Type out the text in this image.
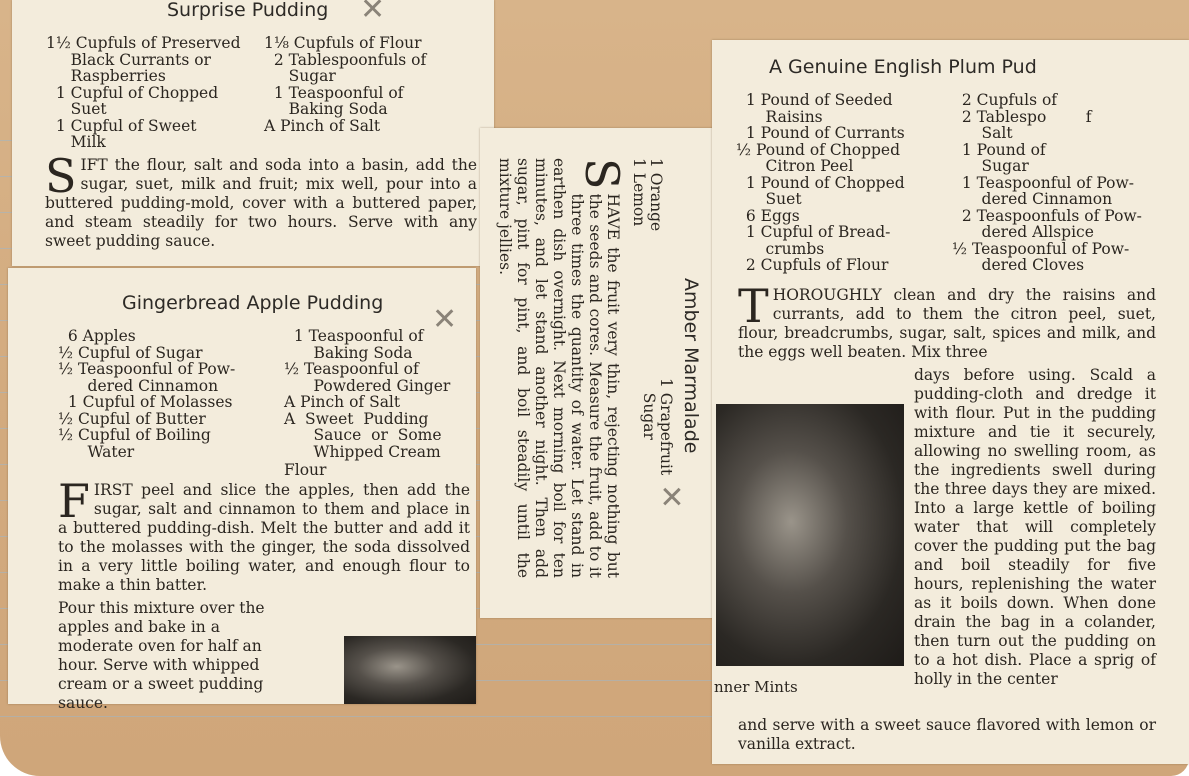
Surprise Pudding ✕
1½ Cupfuls of Preserved
Black Currants or
Raspberries
1 Cupful of Chopped
Suet
1 Cupful of Sweet
Milk
1⅛ Cupfuls of Flour
2 Tablespoonfuls of
Sugar
1 Teaspoonful of
Baking Soda
A Pinch of Salt
SIFT the flour, salt and soda into a basin, add the sugar, suet, milk and fruit; mix well, pour into a buttered pudding-mold, cover with a buttered paper, and steam steadily for two hours. Serve with any sweet pudding sauce.
Gingerbread Apple Pudding ✕
6 Apples
½ Cupful of Sugar
½ Teaspoonful of Pow-
dered Cinnamon
1 Cupful of Molasses
½ Cupful of Butter
½ Cupful of Boiling
Water
1 Teaspoonful of
Baking Soda
½ Teaspoonful of
Powdered Ginger
A Pinch of Salt
A  Sweet  Pudding
Sauce  or  Some
Whipped Cream
Flour
FIRST peel and slice the apples, then add the sugar, salt and cinnamon to them and place in a buttered pudding-dish. Melt the butter and add it to the molasses with the ginger, the soda dissolved in a very little boiling water, and enough flour to make a thin batter.
Pour this mixture over the apples and bake in a moderate oven for half an hour. Serve with whipped cream or a sweet pudding sauce.
Amber Marmalade
1 Orange
1 Lemon
1 Grapefruit
Sugar
✕
S
HAVE the fruit very thin, rejecting nothing but the seeds and cores. Measure the fruit, add to it three times the quantity of water. Let stand in earthen dish overnight. Next morning boil for ten minutes, and let stand another night. Then add sugar, pint for pint, and boil steadily until the mixture jellies.
A Genuine English Plum Pud
1 Pound of Seeded
Raisins
1 Pound of Currants
½ Pound of Chopped
Citron Peel
1 Pound of Chopped
Suet
6 Eggs
1 Cupful of Bread-
crumbs
2 Cupfuls of Flour
2 Cupfuls of
2 Tablespo        f
Salt
1 Pound of
Sugar
1 Teaspoonful of Pow-
dered Cinnamon
2 Teaspoonfuls of Pow-
dered Allspice
½ Teaspoonful of Pow-
dered Cloves
THOROUGHLY clean and dry the raisins and currants, add to them the citron peel, suet, flour, breadcrumbs, sugar, salt, spices and milk, and the eggs well beaten. Mix three
nner Mints
days before using. Scald a pudding-cloth and dredge it with flour. Put in the pudding mixture and tie it securely, allowing no swelling room, as the ingredients swell during the three days they are mixed. Into a large kettle of boiling water that will completely cover the pudding put the bag and boil steadily for five hours, replenishing the water as it boils down. When done drain the bag in a colander, then turn out the pudding on to a hot dish. Place a sprig of holly in the center
and serve with a sweet sauce flavored with lemon or vanilla extract.
